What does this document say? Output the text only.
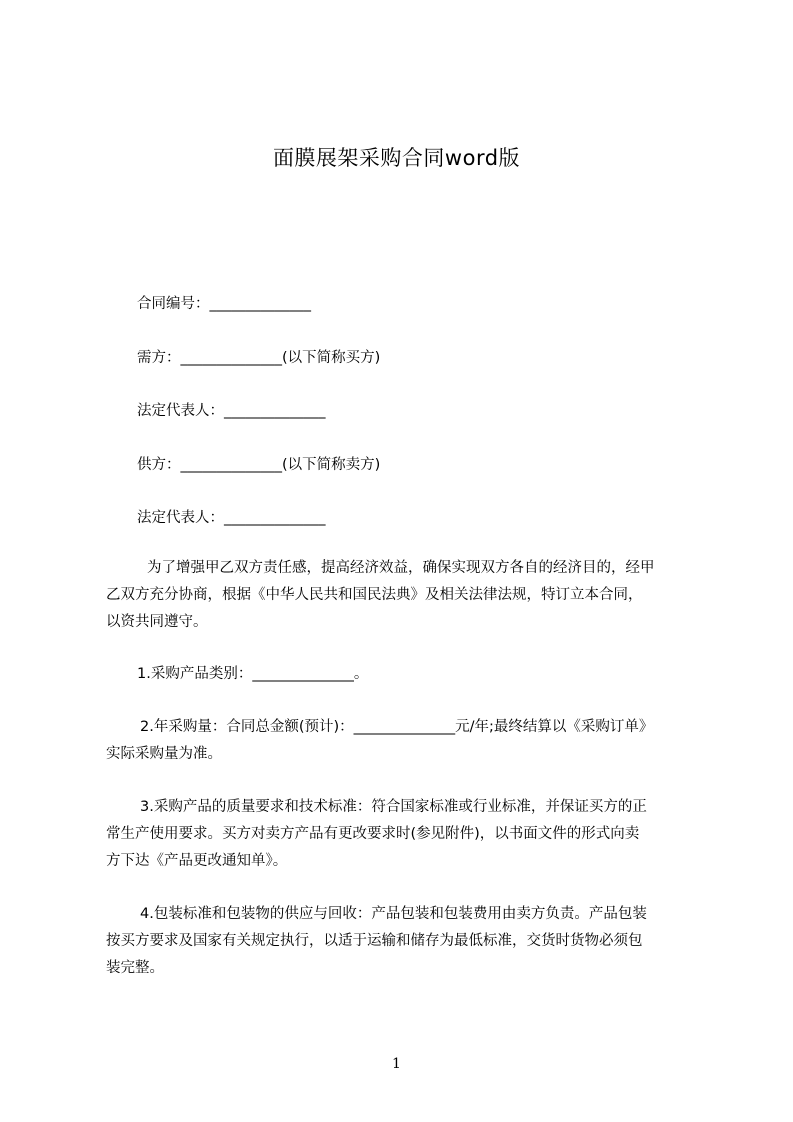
面膜展架采购合同word版
合同编号：______________
需方：______________(以下简称买方)
法定代表人：______________
供方：______________(以下简称卖方)
法定代表人：______________
为了增强甲乙双方责任感，提高经济效益，确保实现双方各自的经济目的，经甲
乙双方充分协商，根据《中华人民共和国民法典》及相关法律法规，特订立本合同，
以资共同遵守。
1.采购产品类别：______________。
2.年采购量：合同总金额(预计)：______________元/年;最终结算以《采购订单》
实际采购量为准。
3.采购产品的质量要求和技术标准：符合国家标准或行业标准，并保证买方的正
常生产使用要求。买方对卖方产品有更改要求时(参见附件)，以书面文件的形式向卖
方下达《产品更改通知单》。
4.包装标准和包装物的供应与回收：产品包装和包装费用由卖方负责。产品包装
按买方要求及国家有关规定执行，以适于运输和储存为最低标准，交货时货物必须包
装完整。
1
